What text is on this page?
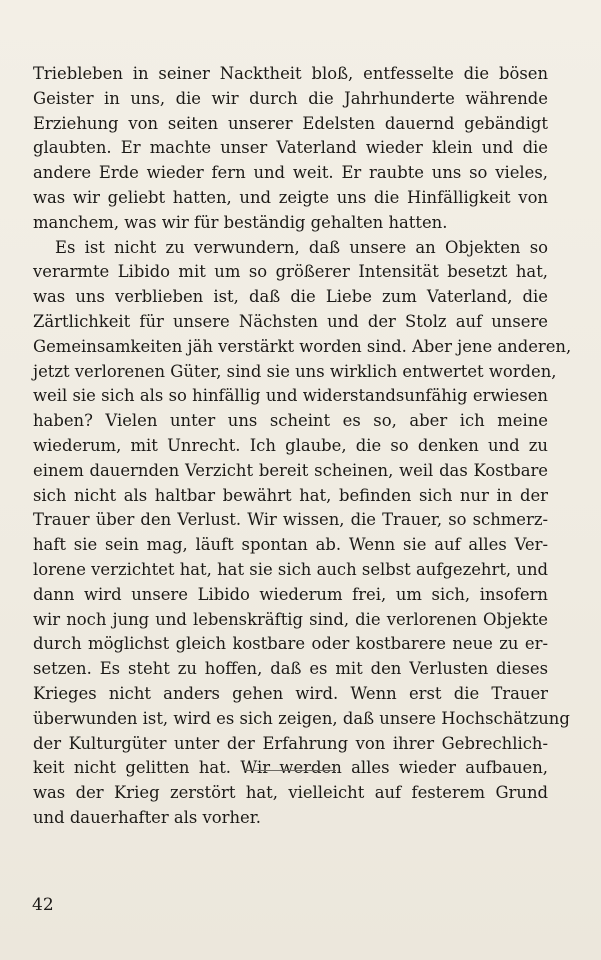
Triebleben in seiner Nacktheit bloß, entfesselte die bösen
Geister in uns, die wir durch die Jahrhunderte währende
Erziehung von seiten unserer Edelsten dauernd gebändigt
glaubten. Er machte unser Vaterland wieder klein und die
andere Erde wieder fern und weit. Er raubte uns so vieles,
was wir geliebt hatten, und zeigte uns die Hinfälligkeit von
manchem, was wir für beständig gehalten hatten.
Es ist nicht zu verwundern, daß unsere an Objekten so
verarmte Libido mit um so größerer Intensität besetzt hat,
was uns verblieben ist, daß die Liebe zum Vaterland, die
Zärtlichkeit für unsere Nächsten und der Stolz auf unsere
Gemeinsamkeiten jäh verstärkt worden sind. Aber jene anderen,
jetzt verlorenen Güter, sind sie uns wirklich entwertet worden,
weil sie sich als so hinfällig und widerstandsunfähig erwiesen
haben? Vielen unter uns scheint es so, aber ich meine
wiederum, mit Unrecht. Ich glaube, die so denken und zu
einem dauernden Verzicht bereit scheinen, weil das Kostbare
sich nicht als haltbar bewährt hat, befinden sich nur in der
Trauer über den Verlust. Wir wissen, die Trauer, so schmerz-
haft sie sein mag, läuft spontan ab. Wenn sie auf alles Ver-
lorene verzichtet hat, hat sie sich auch selbst aufgezehrt, und
dann wird unsere Libido wiederum frei, um sich, insofern
wir noch jung und lebenskräftig sind, die verlorenen Objekte
durch möglichst gleich kostbare oder kostbarere neue zu er-
setzen. Es steht zu hoffen, daß es mit den Verlusten dieses
Krieges nicht anders gehen wird. Wenn erst die Trauer
überwunden ist, wird es sich zeigen, daß unsere Hochschätzung
der Kulturgüter unter der Erfahrung von ihrer Gebrechlich-
keit nicht gelitten hat. Wir werden alles wieder aufbauen,
was der Krieg zerstört hat, vielleicht auf festerem Grund
und dauerhafter als vorher.
42
